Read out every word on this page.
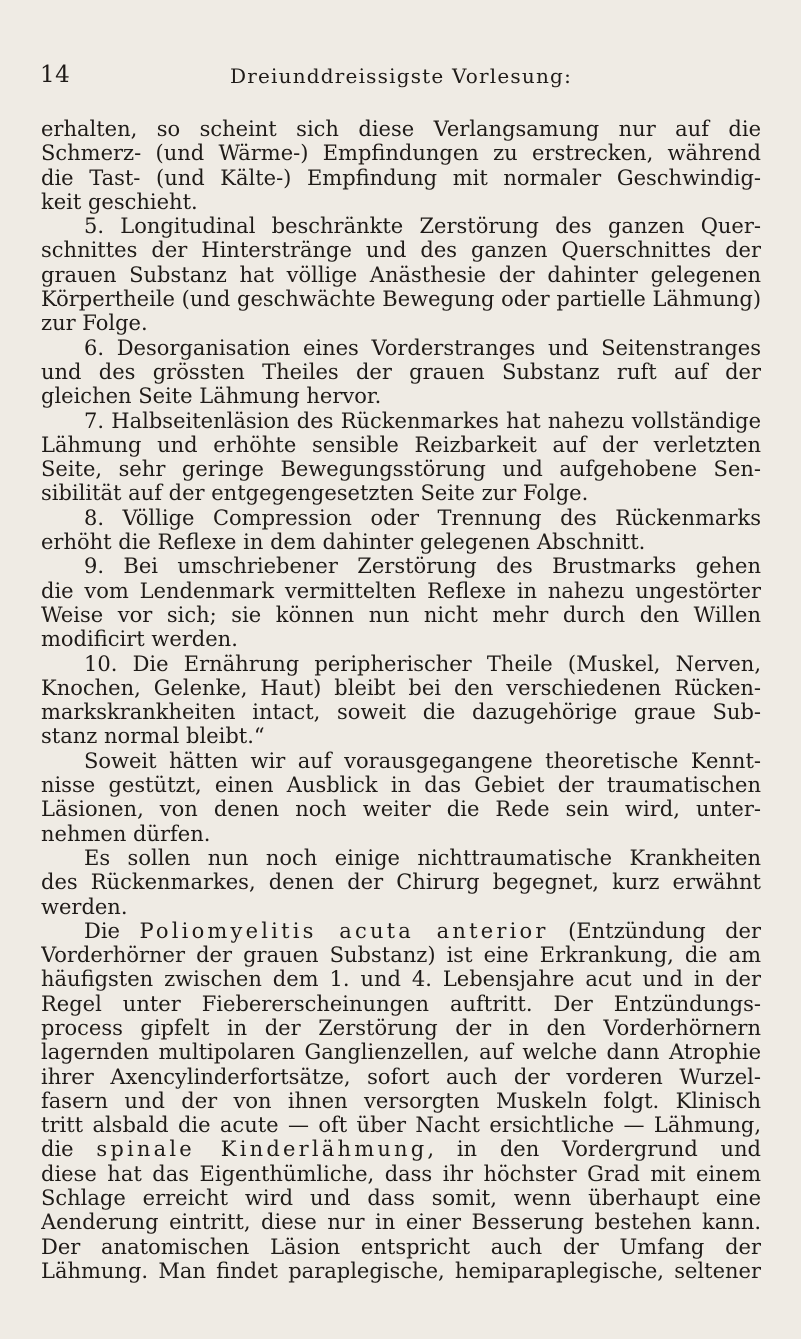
14	Dreiunddreissigste Vorlesung:
erhalten, so scheint sich diese Verlangsamung nur auf die
Schmerz- (und Wärme-) Empfindungen zu erstrecken, während
die Tast- (und Kälte-) Empfindung mit normaler Geschwindig-
keit geschieht.
5. Longitudinal beschränkte Zerstörung des ganzen Quer-
schnittes der Hinterstränge und des ganzen Querschnittes der
grauen Substanz hat völlige Anästhesie der dahinter gelegenen
Körpertheile (und geschwächte Bewegung oder partielle Lähmung)
zur Folge.
6. Desorganisation eines Vorderstranges und Seitenstranges
und des grössten Theiles der grauen Substanz ruft auf der
gleichen Seite Lähmung hervor.
7. Halbseitenläsion des Rückenmarkes hat nahezu vollständige
Lähmung und erhöhte sensible Reizbarkeit auf der verletzten
Seite, sehr geringe Bewegungsstörung und aufgehobene Sen-
sibilität auf der entgegengesetzten Seite zur Folge.
8. Völlige Compression oder Trennung des Rückenmarks
erhöht die Reflexe in dem dahinter gelegenen Abschnitt.
9. Bei umschriebener Zerstörung des Brustmarks gehen
die vom Lendenmark vermittelten Reflexe in nahezu ungestörter
Weise vor sich; sie können nun nicht mehr durch den Willen
modificirt werden.
10. Die Ernährung peripherischer Theile (Muskel, Nerven,
Knochen, Gelenke, Haut) bleibt bei den verschiedenen Rücken-
markskrankheiten intact, soweit die dazugehörige graue Sub-
stanz normal bleibt.“
Soweit hätten wir auf vorausgegangene theoretische Kennt-
nisse gestützt, einen Ausblick in das Gebiet der traumatischen
Läsionen, von denen noch weiter die Rede sein wird, unter-
nehmen dürfen.
Es sollen nun noch einige nichttraumatische Krankheiten
des Rückenmarkes, denen der Chirurg begegnet, kurz erwähnt
werden.
Die Poliomyelitis acuta anterior (Entzündung der
Vorderhörner der grauen Substanz) ist eine Erkrankung, die am
häufigsten zwischen dem 1. und 4. Lebensjahre acut und in der
Regel unter Fiebererscheinungen auftritt. Der Entzündungs-
process gipfelt in der Zerstörung der in den Vorderhörnern
lagernden multipolaren Ganglienzellen, auf welche dann Atrophie
ihrer Axencylinderfortsätze, sofort auch der vorderen Wurzel-
fasern und der von ihnen versorgten Muskeln folgt. Klinisch
tritt alsbald die acute — oft über Nacht ersichtliche — Lähmung,
die spinale Kinderlähmung, in den Vordergrund und
diese hat das Eigenthümliche, dass ihr höchster Grad mit einem
Schlage erreicht wird und dass somit, wenn überhaupt eine
Aenderung eintritt, diese nur in einer Besserung bestehen kann.
Der anatomischen Läsion entspricht auch der Umfang der
Lähmung. Man findet paraplegische, hemiparaplegische, seltener
